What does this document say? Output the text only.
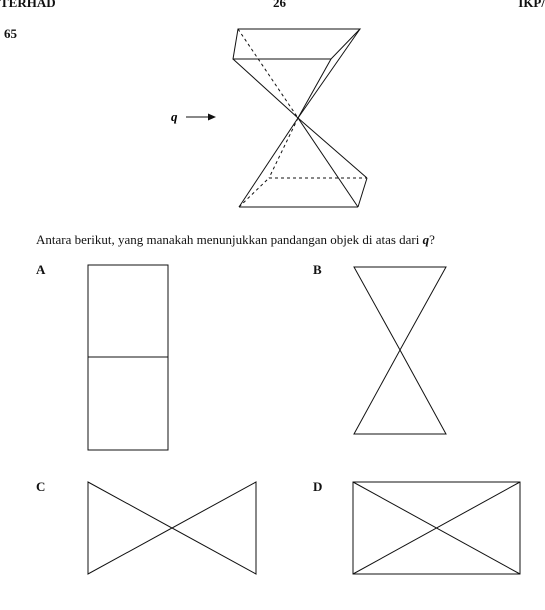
TERHAD	26	IKP/
65
q
Antara berikut, yang manakah menunjukkan pandangan objek di atas dari q?
A	B
C	D
